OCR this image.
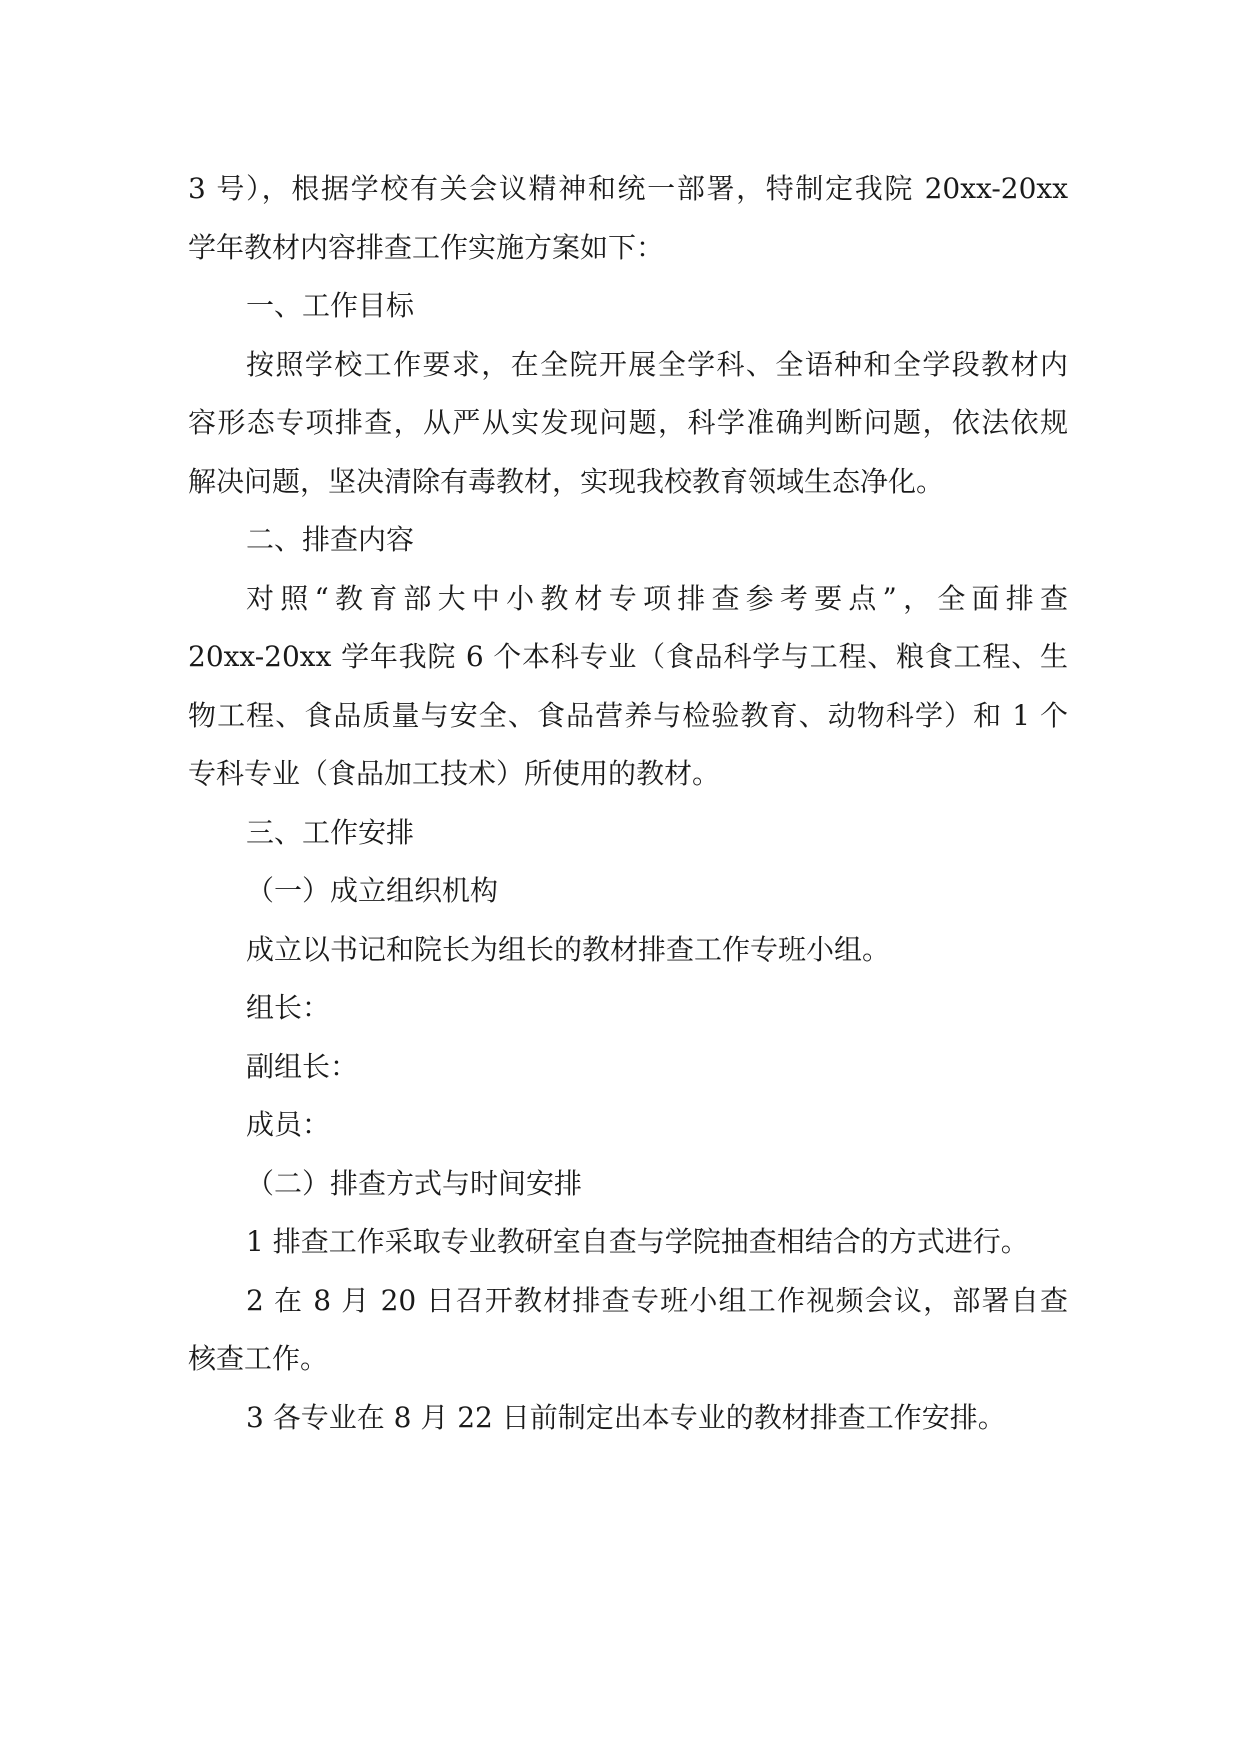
3 号），根据学校有关会议精神和统一部署，特制定我院 20xx-20xx
学年教材内容排查工作实施方案如下：
一、工作目标
按照学校工作要求，在全院开展全学科、全语种和全学段教材内
容形态专项排查，从严从实发现问题，科学准确判断问题，依法依规
解决问题，坚决清除有毒教材，实现我校教育领域生态净化。
二、排查内容
对照“教育部大中小教材专项排查参考要点”，全面排查
20xx-20xx 学年我院 6 个本科专业（食品科学与工程、粮食工程、生
物工程、食品质量与安全、食品营养与检验教育、动物科学）和 1 个
专科专业（食品加工技术）所使用的教材。
三、工作安排
（一）成立组织机构
成立以书记和院长为组长的教材排查工作专班小组。
组长：
副组长：
成员：
（二）排查方式与时间安排
1 排查工作采取专业教研室自查与学院抽查相结合的方式进行。
2 在 8 月 20 日召开教材排查专班小组工作视频会议，部署自查
核查工作。
3 各专业在 8 月 22 日前制定出本专业的教材排查工作安排。
